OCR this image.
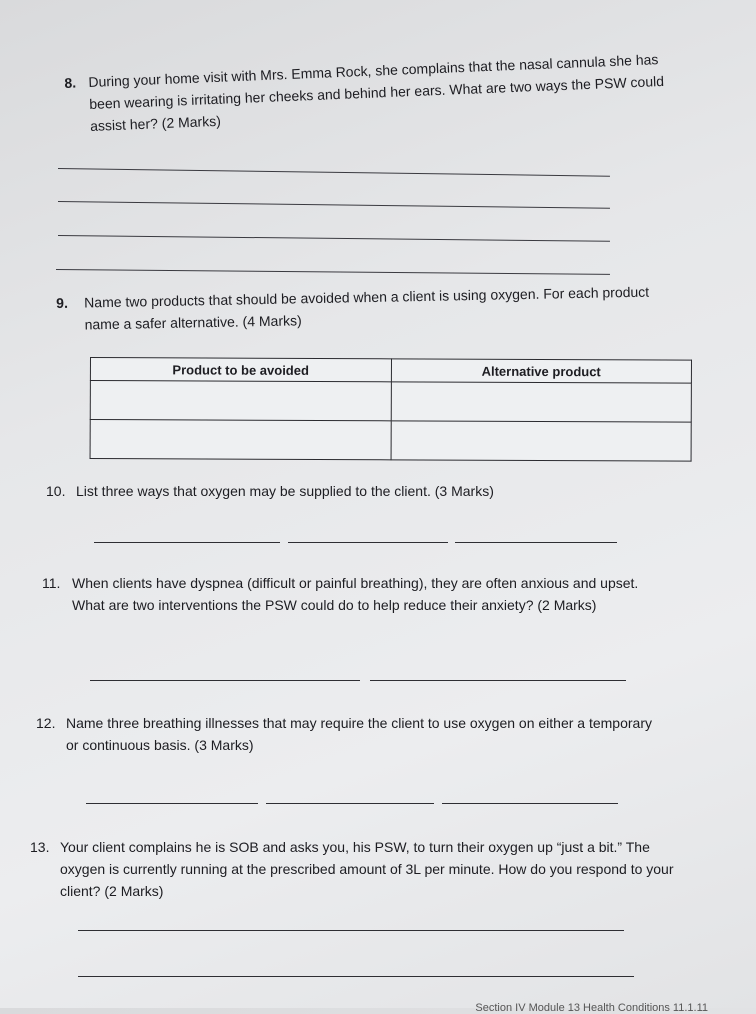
8. During your home visit with Mrs. Emma Rock, she complains that the nasal cannula she has been wearing is irritating her cheeks and behind her ears. What are two ways the PSW could assist her? (2 Marks)
9. Name two products that should be avoided when a client is using oxygen. For each product name a safer alternative. (4 Marks)
Product to be avoided	Alternative product

10. List three ways that oxygen may be supplied to the client. (3 Marks)
11. When clients have dyspnea (difficult or painful breathing), they are often anxious and upset. What are two interventions the PSW could do to help reduce their anxiety? (2 Marks)
12. Name three breathing illnesses that may require the client to use oxygen on either a temporary or continuous basis. (3 Marks)
13. Your client complains he is SOB and asks you, his PSW, to turn their oxygen up “just a bit.” The oxygen is currently running at the prescribed amount of 3L per minute. How do you respond to your client? (2 Marks)
Section IV Module 13 Health Conditions 11.1.11
